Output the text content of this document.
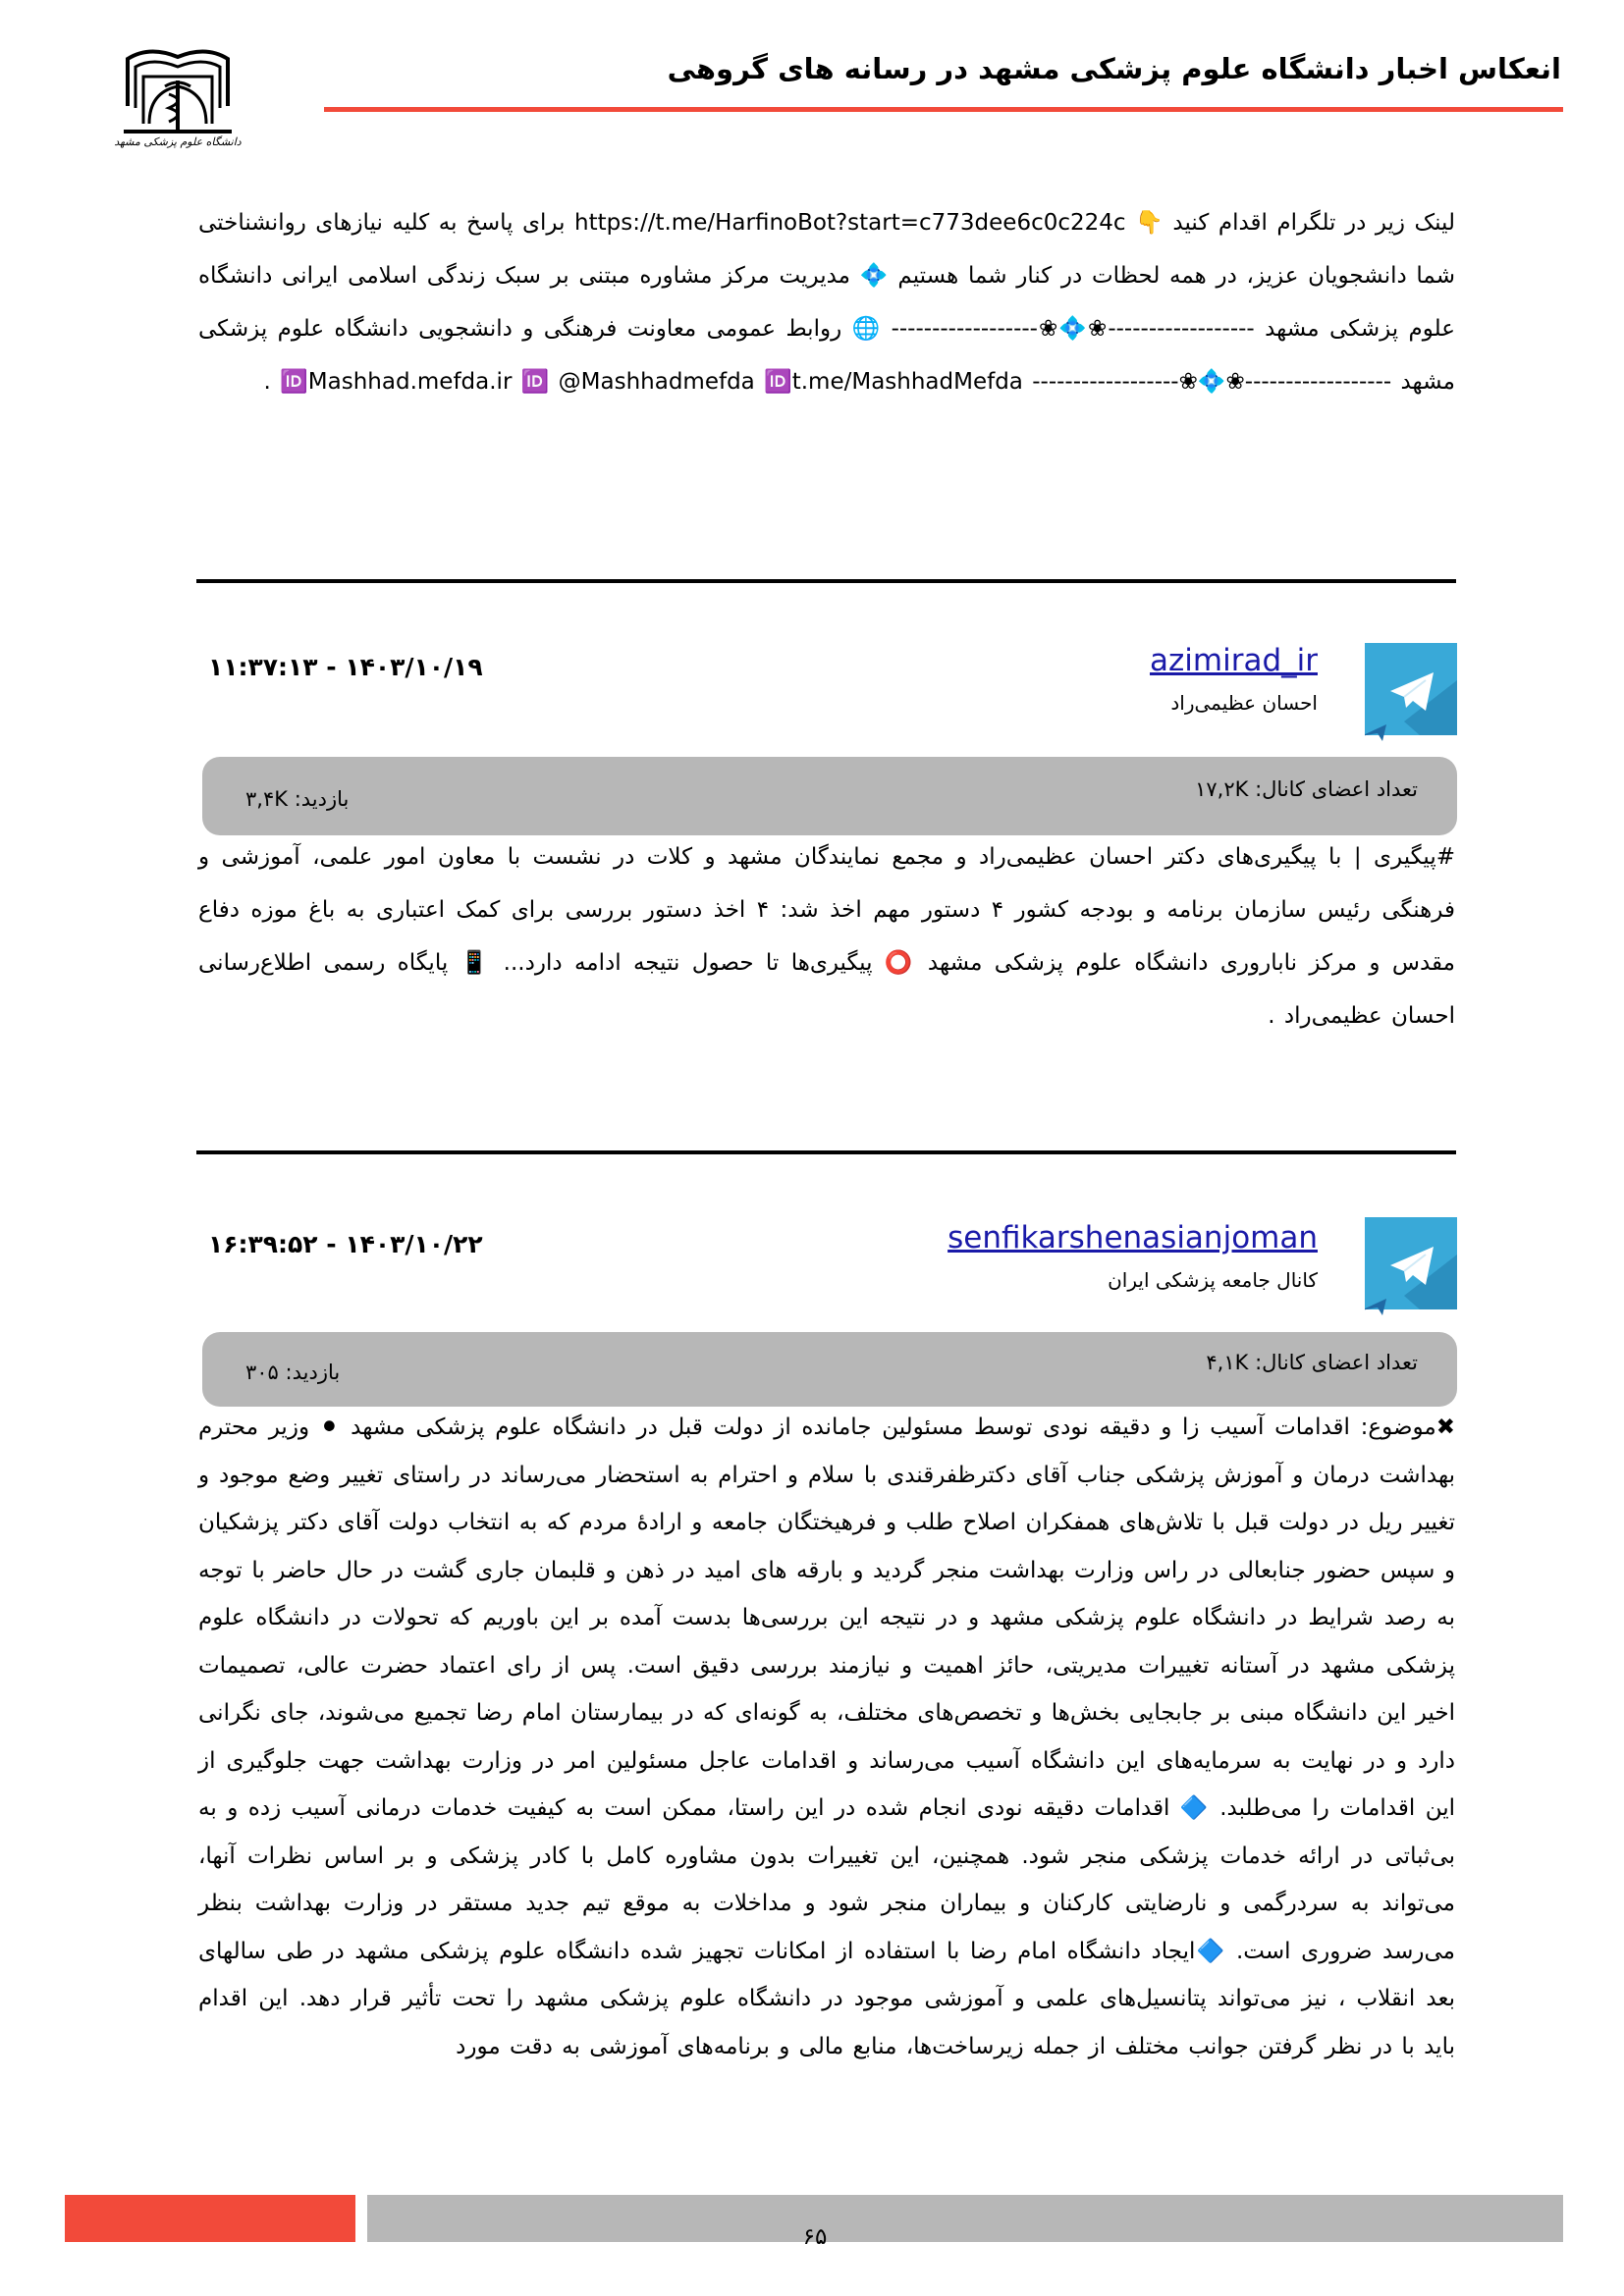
دانشگاه علوم پزشکی مشهد
انعکاس اخبار دانشگاه علوم پزشکی مشهد در رسانه های گروهی
لینک زیر در تلگرام اقدام کنید 👇 https://t.me/HarfinoBot?start=c773dee6c0c224c برای پاسخ به کلیه نیازهای روانشناختی شما دانشجویان عزیز، در همه لحظات در کنار شما هستیم 💠 مدیریت مرکز مشاوره مبتنی بر سبک زندگی اسلامی ایرانی دانشگاه علوم پزشکی مشهد ------------------❀💠❀------------------ 🌐 روابط عمومی معاونت فرهنگی و دانشجویی دانشگاه علوم پزشکی مشهد ------------------❀💠❀------------------ 🆔Mashhad.mefda.ir 🆔 @Mashhadmefda 🆔t.me/MashhadMefda .
azimirad_ir
احسان عظیمی‌راد
۱۴۰۳/۱۰/۱۹ - ۱۱:۳۷:۱۳
تعداد اعضای کانال: ۱۷,۲K
بازدید: ۳,۴K
#پیگیری | با پیگیری‌های دکتر احسان عظیمی‌راد و مجمع نمایندگان مشهد و کلات در نشست با معاون امور علمی، آموزشی و فرهنگی رئیس سازمان برنامه و بودجه کشور ۴ دستور مهم اخذ شد: ۴ اخذ دستور بررسی برای کمک اعتباری به باغ موزه دفاع مقدس و مرکز ناباروری دانشگاه علوم پزشکی مشهد ⭕ پیگیری‌ها تا حصول نتیجه ادامه دارد... 📱 پایگاه رسمی اطلاع‌رسانی احسان عظیمی‌راد .
senfikarshenasianjoman
کانال جامعه پزشکی ایران
۱۴۰۳/۱۰/۲۲ - ۱۶:۳۹:۵۲
تعداد اعضای کانال: ۴,۱K
بازدید: ۳۰۵
✖موضوع: اقدامات آسیب زا و دقیقه نودی توسط مسئولین جامانده از دولت قبل در دانشگاه علوم پزشکی مشهد ⚫ وزیر محترم بهداشت درمان و آموزش پزشکی جناب آقای دکترظفرقندی با سلام و احترام به استحضار می‌رساند در راستای تغییر وضع موجود و تغییر ریل در دولت قبل با تلاش‌های همفکران اصلاح طلب و فرهیختگان جامعه و ارادهٔ مردم که به انتخاب دولت آقای دکتر پزشکیان و سپس حضور جنابعالی در راس وزارت بهداشت منجر گردید و بارقه های امید در ذهن و قلبمان جاری گشت در حال حاضر با توجه به رصد شرایط در دانشگاه علوم پزشکی مشهد و در نتیجه این بررسی‌ها بدست آمده بر این باوریم که تحولات در دانشگاه علوم پزشکی مشهد در آستانه تغییرات مدیریتی، حائز اهمیت و نیازمند بررسی دقیق است. پس از رای اعتماد حضرت عالی، تصمیمات اخیر این دانشگاه مبنی بر جابجایی بخش‌ها و تخصص‌های مختلف، به گونه‌ای که در بیمارستان امام رضا تجمیع می‌شوند، جای نگرانی دارد و در نهایت به سرمایه‌های این دانشگاه آسیب می‌رساند و اقدامات عاجل مسئولین امر در وزارت بهداشت جهت جلوگیری از این اقدامات را می‌طلبد. 🔷 اقدامات دقیقه نودی انجام شده در این راستا، ممکن است به کیفیت خدمات درمانی آسیب زده و به بی‌ثباتی در ارائه خدمات پزشکی منجر شود. همچنین، این تغییرات بدون مشاوره کامل با کادر پزشکی و بر اساس نظرات آنها، می‌تواند به سردرگمی و نارضایتی کارکنان و بیماران منجر شود و مداخلات به موقع تیم جدید مستقر در وزارت بهداشت بنظر می‌رسد ضروری است. 🔷ایجاد دانشگاه امام رضا با استفاده از امکانات تجهیز شده دانشگاه علوم پزشکی مشهد در طی سالهای بعد انقلاب ، نیز می‌تواند پتانسیل‌های علمی و آموزشی موجود در دانشگاه علوم پزشکی مشهد را تحت تأثیر قرار دهد. این اقدام باید با در نظر گرفتن جوانب مختلف از جمله زیرساخت‌ها، منابع مالی و برنامه‌های آموزشی به دقت مورد
۶۵
